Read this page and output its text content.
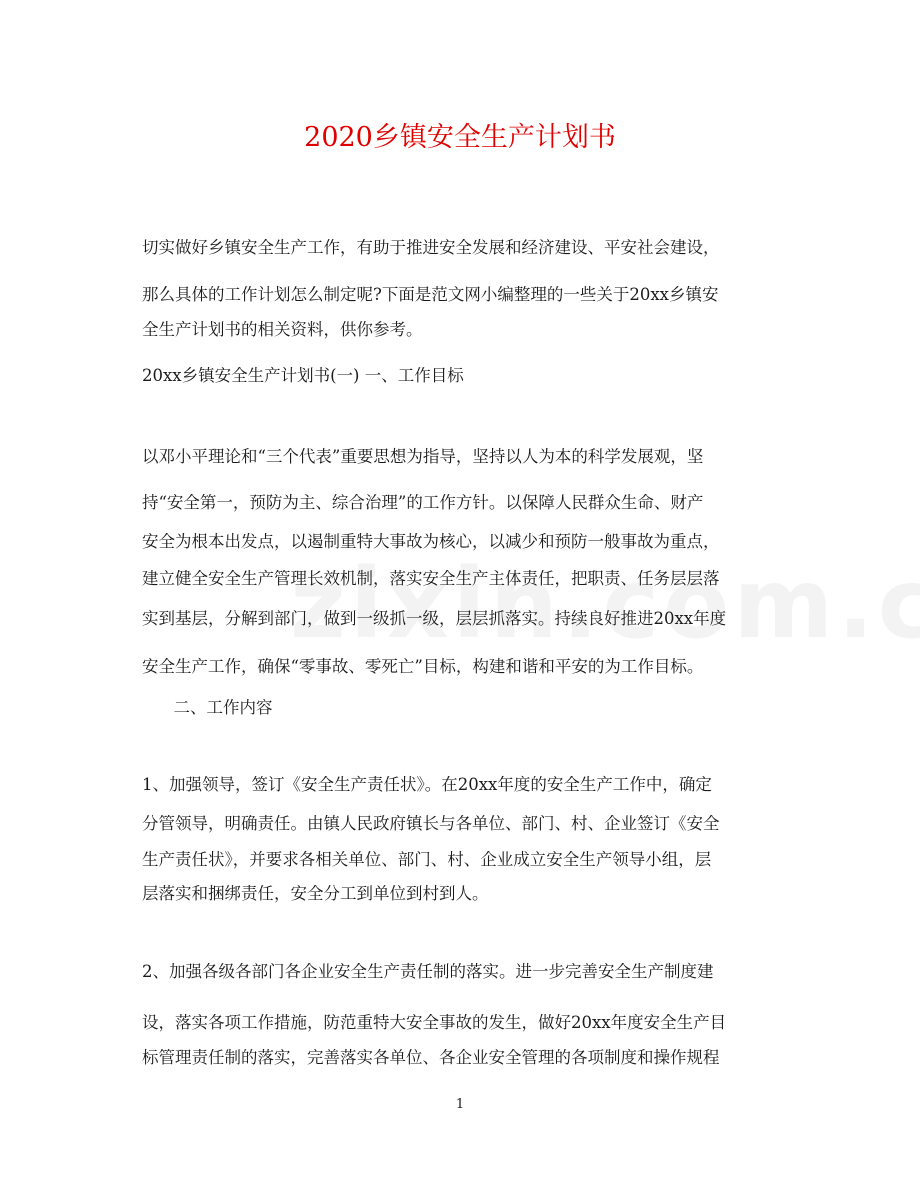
2020乡镇安全生产计划书
切实做好乡镇安全生产工作，有助于推进安全发展和经济建设、平安社会建设，
那么具体的工作计划怎么制定呢?下面是范文网小编整理的一些关于20xx乡镇安
全生产计划书的相关资料，供你参考。
20xx乡镇安全生产计划书(一) 一、工作目标
以邓小平理论和“三个代表”重要思想为指导，坚持以人为本的科学发展观，坚
持“安全第一，预防为主、综合治理”的工作方针。以保障人民群众生命、财产
安全为根本出发点，以遏制重特大事故为核心，以减少和预防一般事故为重点，
建立健全安全生产管理长效机制，落实安全生产主体责任，把职责、任务层层落
实到基层，分解到部门，做到一级抓一级，层层抓落实。持续良好推进20xx年度
安全生产工作，确保“零事故、零死亡”目标，构建和谐和平安的为工作目标。
二、工作内容
1、加强领导，签订《安全生产责任状》。在20xx年度的安全生产工作中，确定
分管领导，明确责任。由镇人民政府镇长与各单位、部门、村、企业签订《安全
生产责任状》，并要求各相关单位、部门、村、企业成立安全生产领导小组，层
层落实和捆绑责任，安全分工到单位到村到人。
2、加强各级各部门各企业安全生产责任制的落实。进一步完善安全生产制度建
设，落实各项工作措施，防范重特大安全事故的发生，做好20xx年度安全生产目
标管理责任制的落实，完善落实各单位、各企业安全管理的各项制度和操作规程
1
